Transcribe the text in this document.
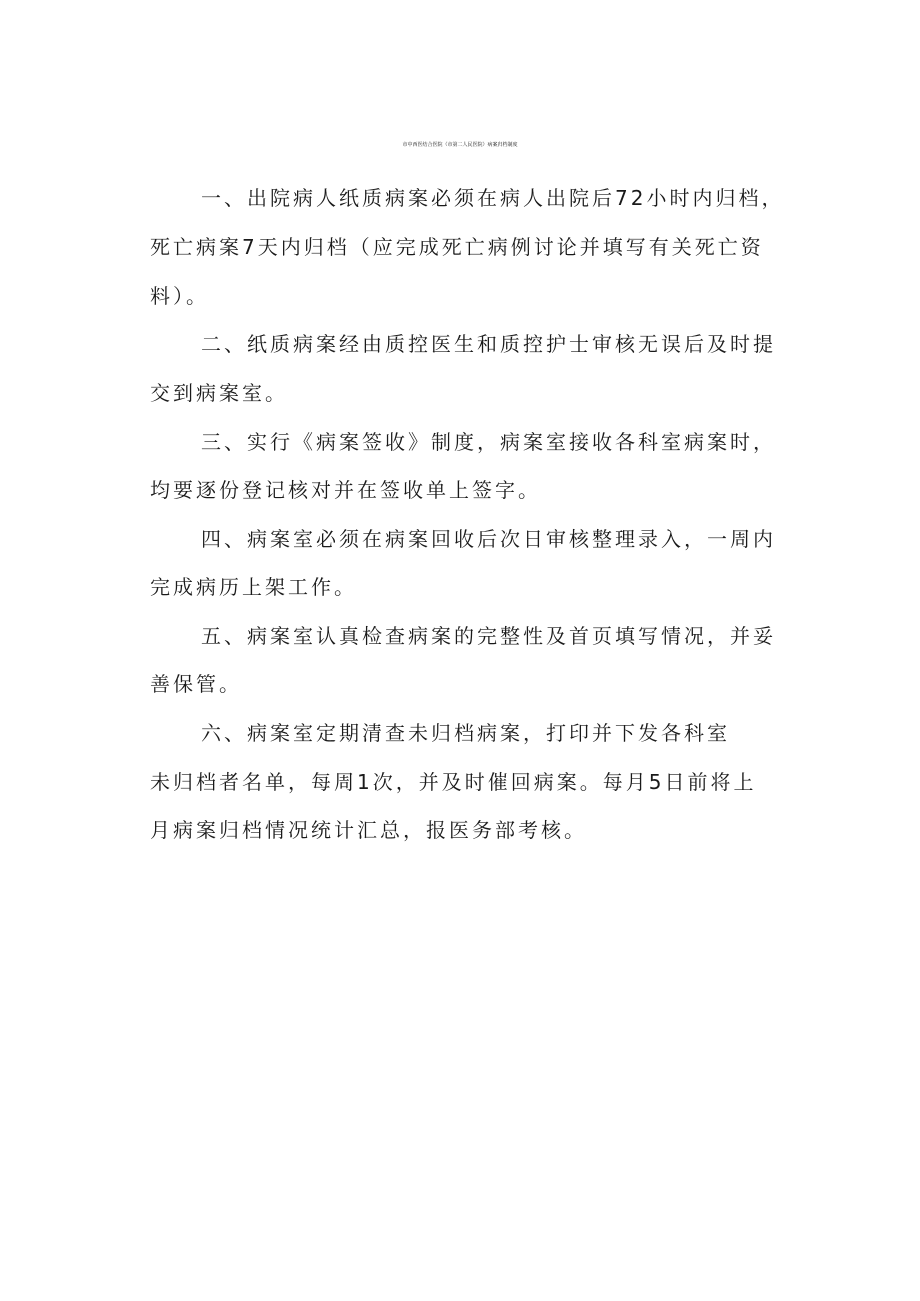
市中西医结合医院（市第二人民医院）病案归档制度
一、出院病人纸质病案必须在病人出院后72小时内归档，
死亡病案7天内归档（应完成死亡病例讨论并填写有关死亡资
料）。
二、纸质病案经由质控医生和质控护士审核无误后及时提
交到病案室。
三、实行《病案签收》制度，病案室接收各科室病案时，
均要逐份登记核对并在签收单上签字。
四、病案室必须在病案回收后次日审核整理录入，一周内
完成病历上架工作。
五、病案室认真检查病案的完整性及首页填写情况，并妥
善保管。
六、病案室定期清查未归档病案，打印并下发各科室
未归档者名单，每周1次，并及时催回病案。每月5日前将上
月病案归档情况统计汇总，报医务部考核。
